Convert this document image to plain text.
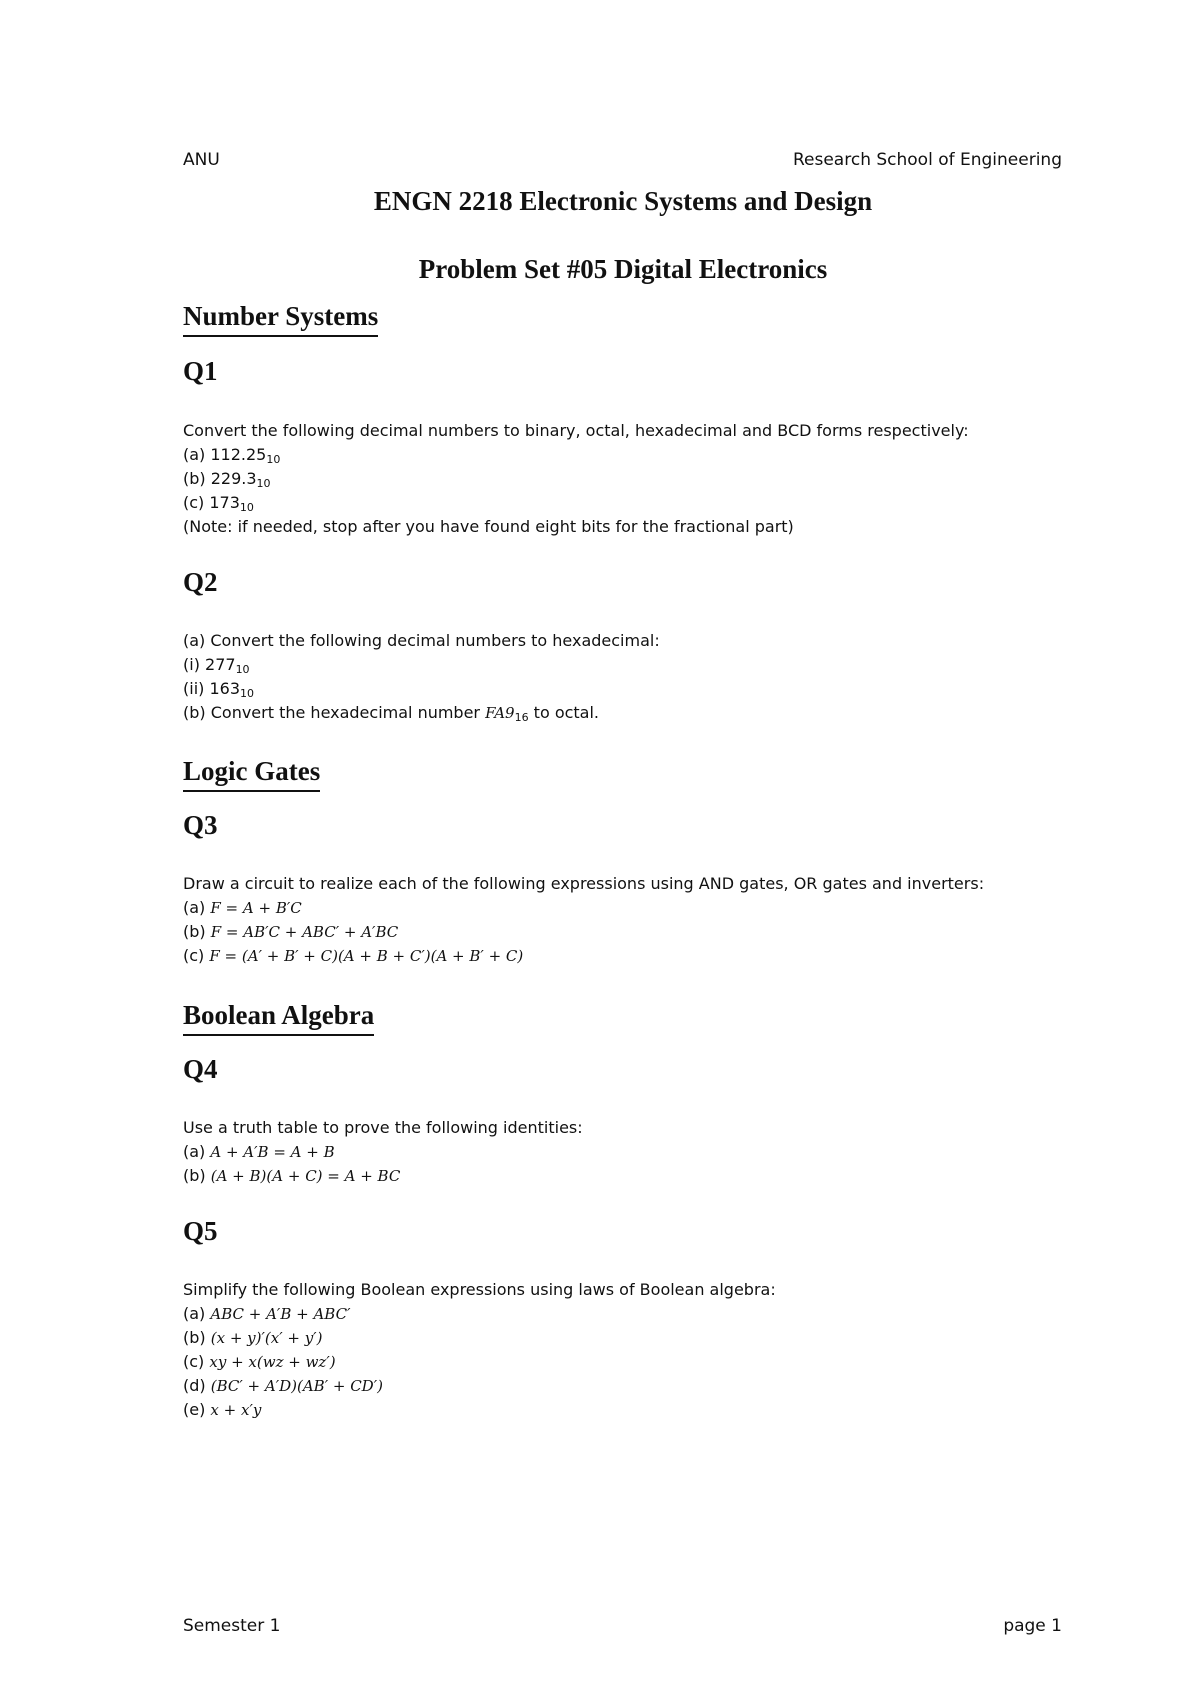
ANU	Research School of Engineering
ENGN 2218 Electronic Systems and Design
Problem Set #05 Digital Electronics
Number Systems
Q1
Convert the following decimal numbers to binary, octal, hexadecimal and BCD forms respectively:
(a) $112.25_{10}$
(b) $229.3_{10}$
(c) $173_{10}$
(Note: if needed, stop after you have found eight bits for the fractional part)
Q2
(a) Convert the following decimal numbers to hexadecimal:
(i) $277_{10}$
(ii) $163_{10}$
(b) Convert the hexadecimal number $FA9_{16}$ to octal.
Logic Gates
Q3
Draw a circuit to realize each of the following expressions using AND gates, OR gates and inverters:
(a) F = A + B′C
(b) F = AB′C + ABC′ + A′BC
(c) F = (A′ + B′ + C)(A + B + C′)(A + B′ + C)
Boolean Algebra
Q4
Use a truth table to prove the following identities:
(a) A + A′B = A + B
(b) (A + B)(A + C) = A + BC
Q5
Simplify the following Boolean expressions using laws of Boolean algebra:
(a) ABC + A′B + ABC′
(b) (x + y)′(x′ + y′)
(c) xy + x(wz + wz′)
(d) (BC′ + A′D)(AB′ + CD′)
(e) x + x′y
Semester 1	page 1
